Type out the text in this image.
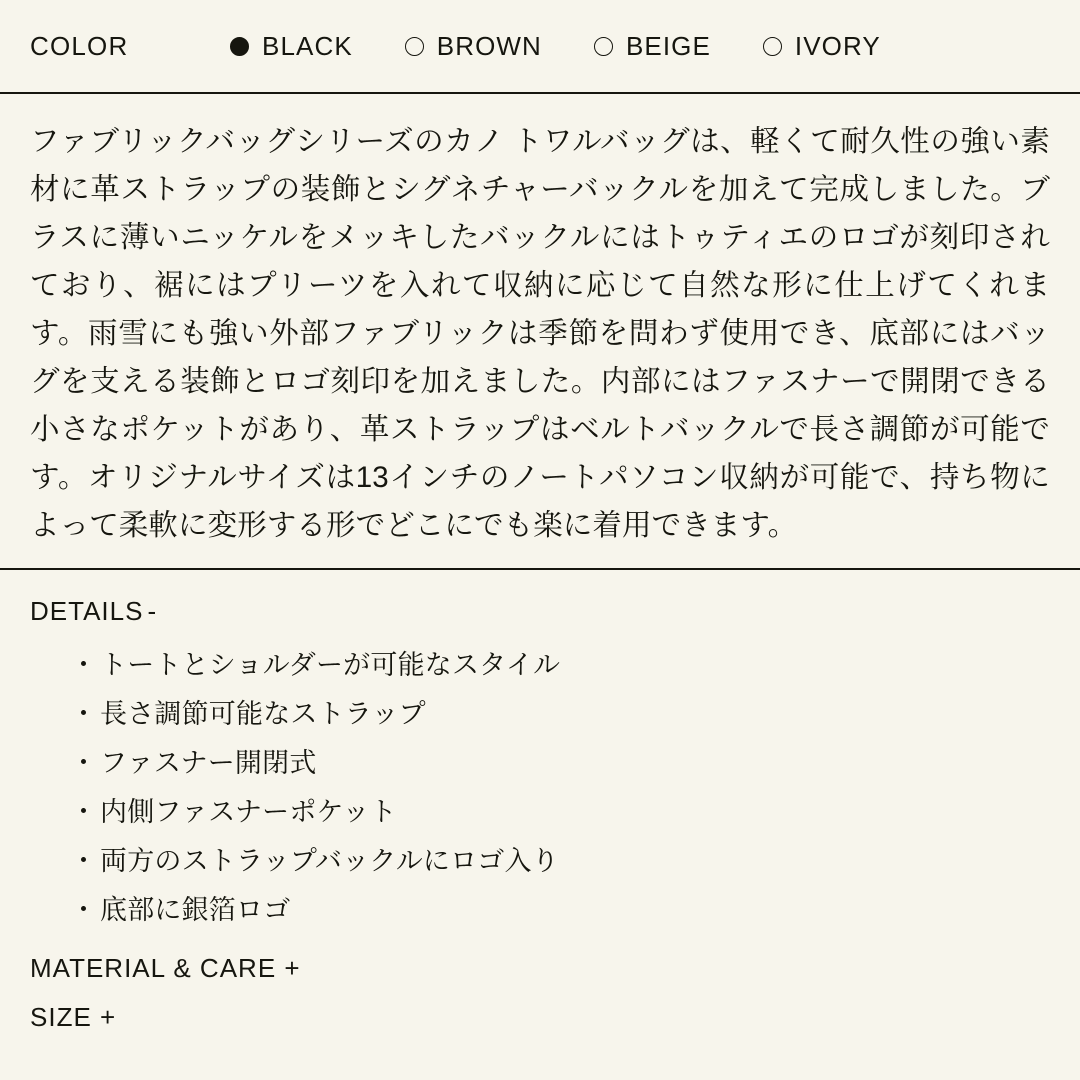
COLOR	BLACK	BROWN	BEIGE	IVORY

ファブリックバッグシリーズのカノ トワルバッグは、軽くて耐久性の強い素材に革ストラップの装飾とシグネチャーバックルを加えて完成しました。ブラスに薄いニッケルをメッキしたバックルにはトゥティエのロゴが刻印されており、裾にはプリーツを入れて収納に応じて自然な形に仕上げてくれます。雨雪にも強い外部ファブリックは季節を問わず使用でき、底部にはバッグを支える装飾とロゴ刻印を加えました。内部にはファスナーで開閉できる小さなポケットがあり、革ストラップはベルトバックルで長さ調節が可能です。オリジナルサイズは13インチのノートパソコン収納が可能で、持ち物によって柔軟に変形する形でどこにでも楽に着用できます。

DETAILS -
・ トートとショルダーが可能なスタイル
・ 長さ調節可能なストラップ
・ ファスナー開閉式
・ 内側ファスナーポケット
・ 両方のストラップバックルにロゴ入り
・ 底部に銀箔ロゴ
MATERIAL & CARE +
SIZE +
